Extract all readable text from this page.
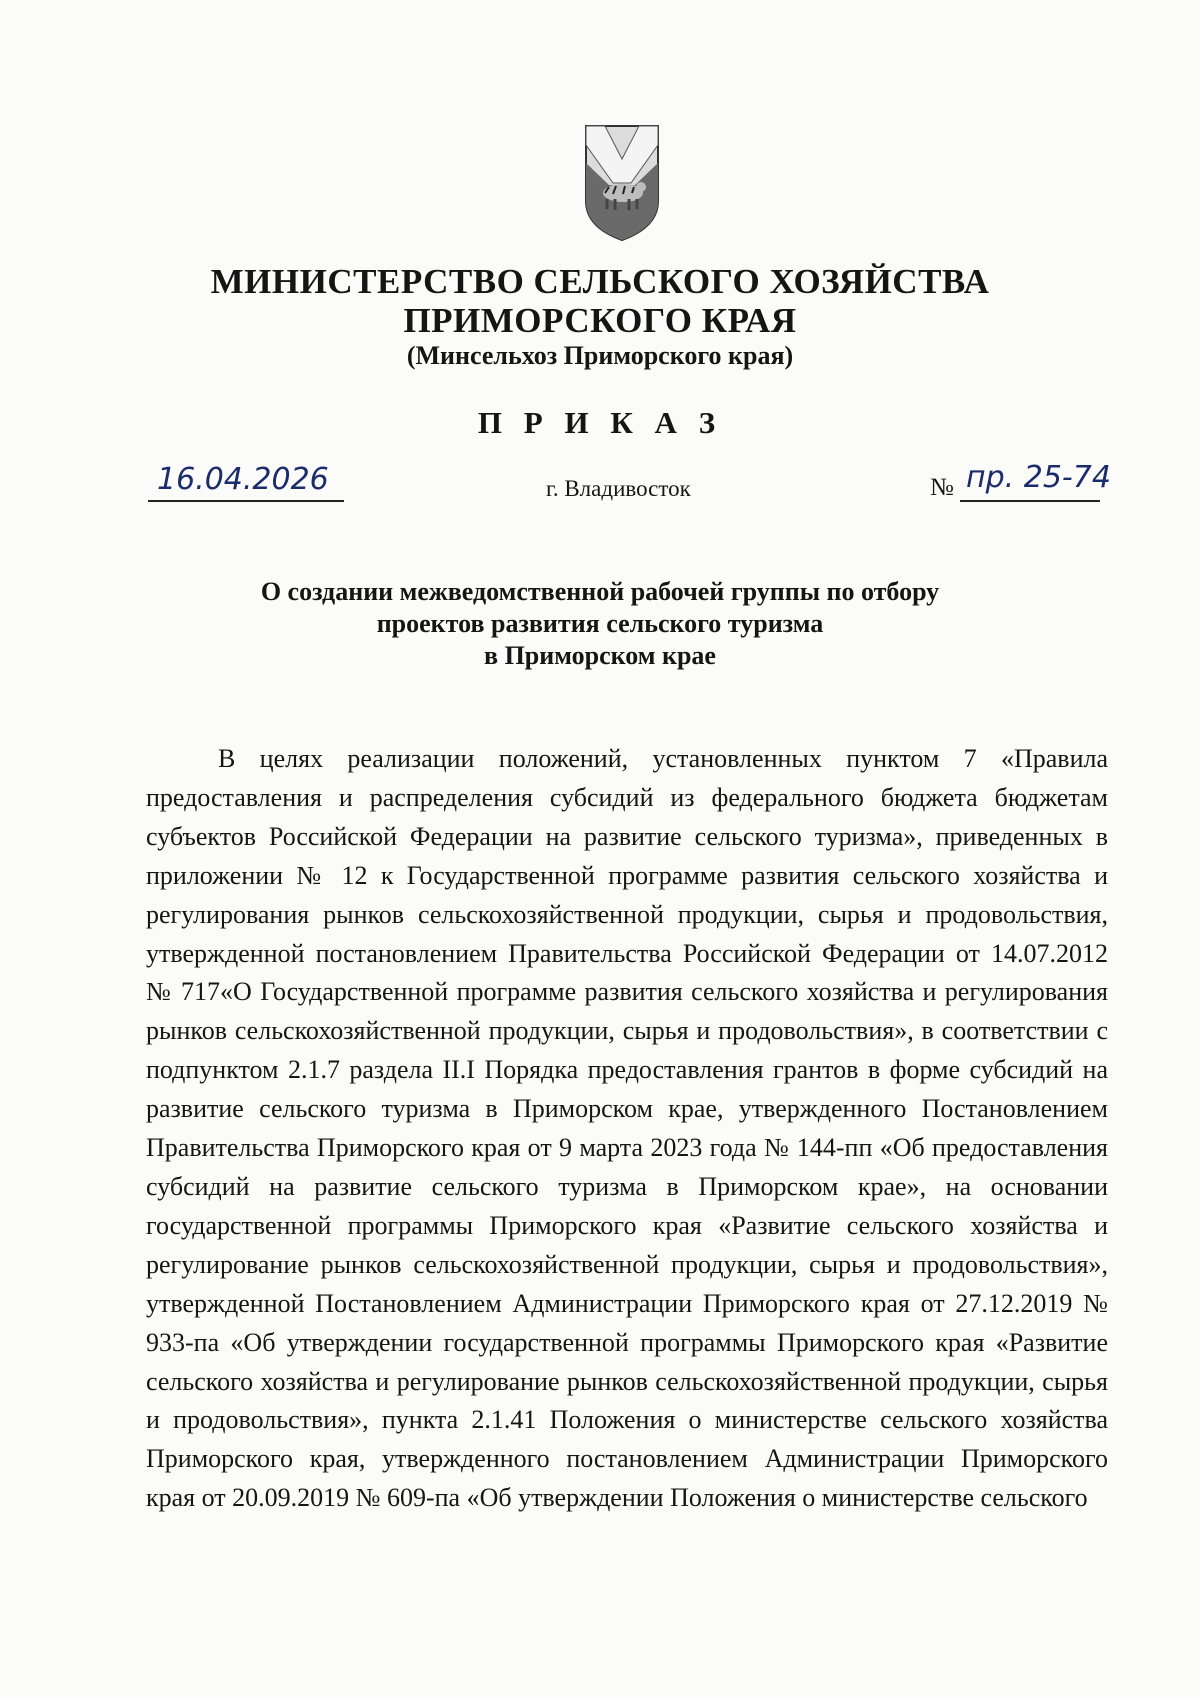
МИНИСТЕРСТВО СЕЛЬСКОГО ХОЗЯЙСТВА
ПРИМОРСКОГО КРАЯ
(Минсельхоз Приморского края)
П Р И К А З
16.04.2026	г. Владивосток	№ пр. 25-74
О создании межведомственной рабочей группы по отбору
проектов развития сельского туризма
в Приморском крае

В целях реализации положений, установленных пунктом 7 «Правила предоставления и распределения субсидий из федерального бюджета бюджетам субъектов Российской Федерации на развитие сельского туризма», приведенных в приложении № 12 к Государственной программе развития сельского хозяйства и регулирования рынков сельскохозяйственной продукции, сырья и продовольствия, утвержденной постановлением Правительства Российской Федерации от 14.07.2012 № 717«О Государственной программе развития сельского хозяйства и регулирования рынков сельскохозяйственной продукции, сырья и продовольствия», в соответствии с подпунктом 2.1.7 раздела II.I Порядка предоставления грантов в форме субсидий на развитие сельского туризма в Приморском крае, утвержденного Постановлением Правительства Приморского края от 9 марта 2023 года № 144-пп «Об предоставления субсидий на развитие сельского туризма в Приморском крае», на основании государственной программы Приморского края «Развитие сельского хозяйства и регулирование рынков сельскохозяйственной продукции, сырья и продовольствия», утвержденной Постановлением Администрации Приморского края от 27.12.2019 № 933-па «Об утверждении государственной программы Приморского края «Развитие сельского хозяйства и регулирование рынков сельскохозяйственной продукции, сырья и продовольствия», пункта 2.1.41 Положения о министерстве сельского хозяйства Приморского края, утвержденного постановлением Администрации Приморского края от 20.09.2019 № 609-па «Об утверждении Положения о министерстве сельского
